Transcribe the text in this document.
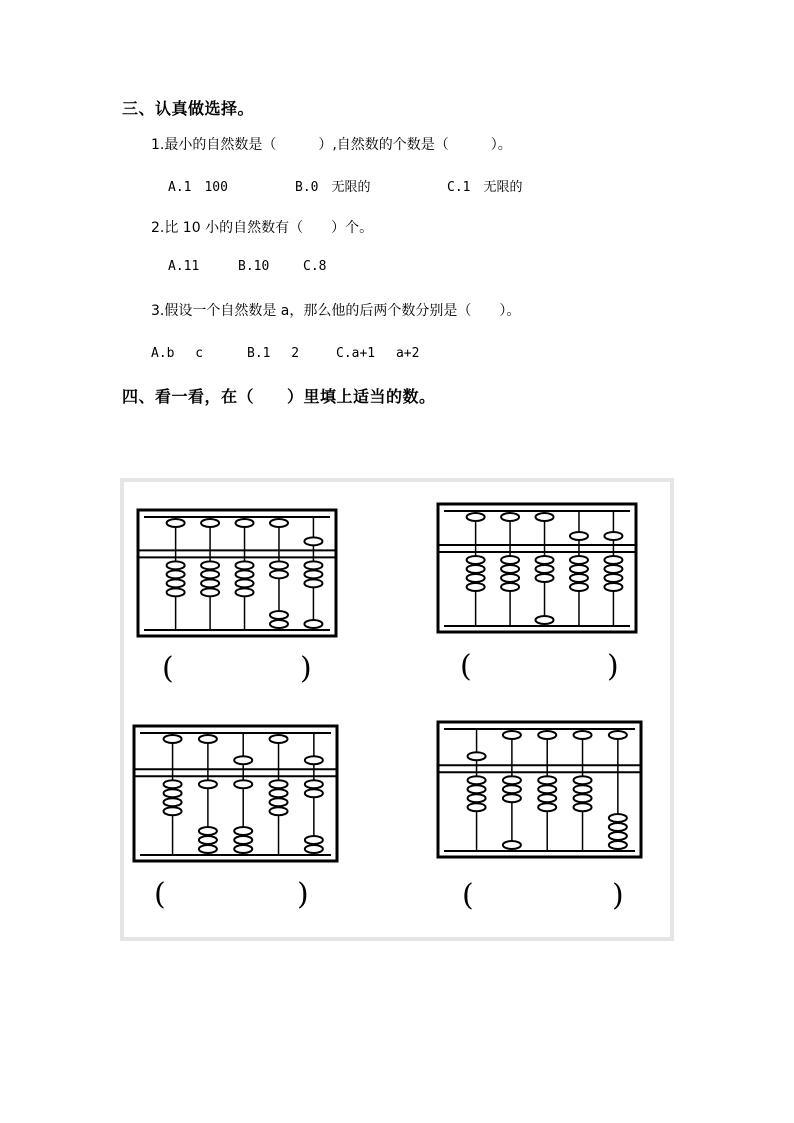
三、认真做选择。
1.最小的自然数是（　　　）,自然数的个数是（　　　）。
A.1　100	B.0　无限的	C.1　无限的
2.比 10 小的自然数有（　　）个。
A.11	B.10	C.8
3.假设一个自然数是 a，那么他的后两个数分别是（　　）。
A.b　 c	B.1　 2	C.a+1　 a+2
四、看一看，在（　　）里填上适当的数。
(	)	(	)
(	)	(	)
